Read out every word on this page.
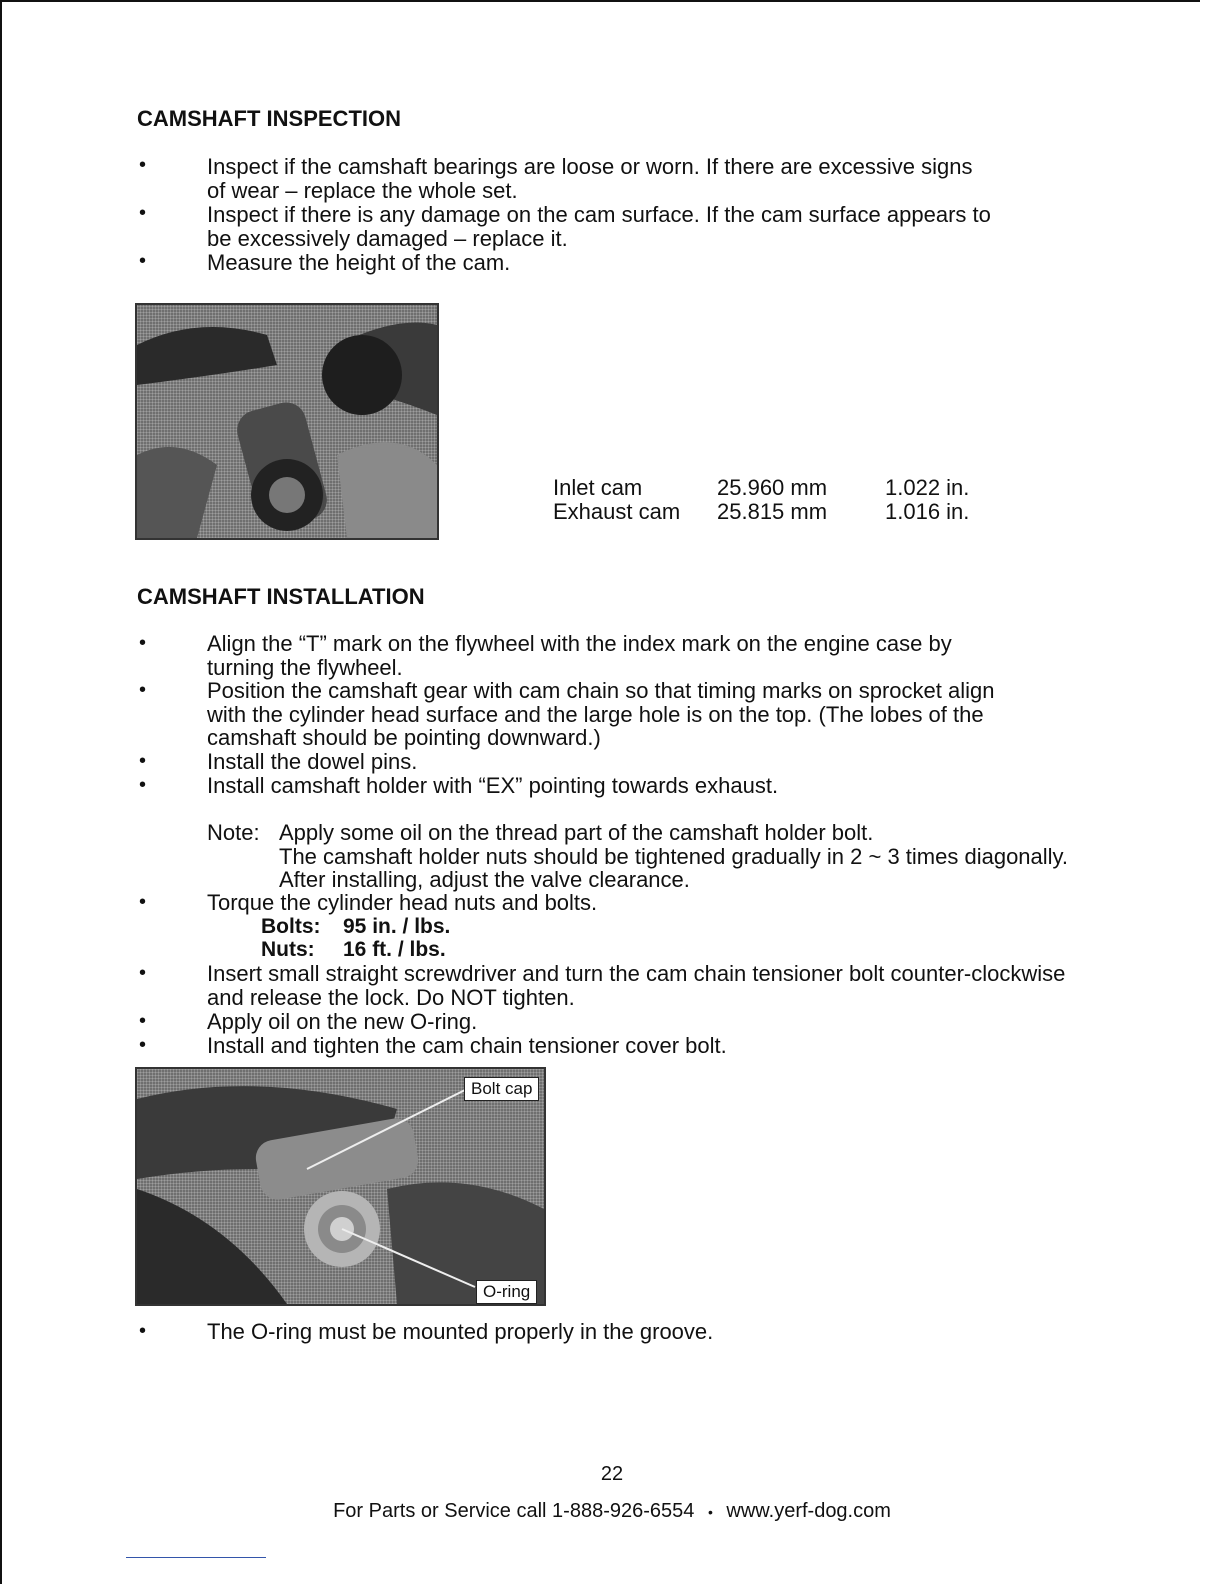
CAMSHAFT INSPECTION
•	Inspect if the camshaft bearings are loose or worn. If there are excessive signs
of wear – replace the whole set.
•	Inspect if there is any damage on the cam surface. If the cam surface appears to
be excessively damaged – replace it.
•	Measure the height of the cam.
Inlet cam	25.960 mm	1.022 in.
Exhaust cam 25.815 mm	1.016 in.
CAMSHAFT INSTALLATION
•	Align the “T” mark on the flywheel with the index mark on the engine case by
turning the flywheel.
•	Position the camshaft gear with cam chain so that timing marks on sprocket align
with the cylinder head surface and the large hole is on the top. (The lobes of the
camshaft should be pointing downward.)
•	Install the dowel pins.
•	Install camshaft holder with “EX” pointing towards exhaust.
Note: Apply some oil on the thread part of the camshaft holder bolt.
The camshaft holder nuts should be tightened gradually in 2 ~ 3 times diagonally.
After installing, adjust the valve clearance.
•	Torque the cylinder head nuts and bolts.
Bolts: 95 in. / lbs.
Nuts: 16 ft. / lbs.
•	Insert small straight screwdriver and turn the cam chain tensioner bolt counter-clockwise
and release the lock. Do NOT tighten.
•	Apply oil on the new O-ring.
•	Install and tighten the cam chain tensioner cover bolt.
Bolt cap
O-ring
•	The O-ring must be mounted properly in the groove.
22
For Parts or Service call 1-888-926-6554 • www.yerf-dog.com
